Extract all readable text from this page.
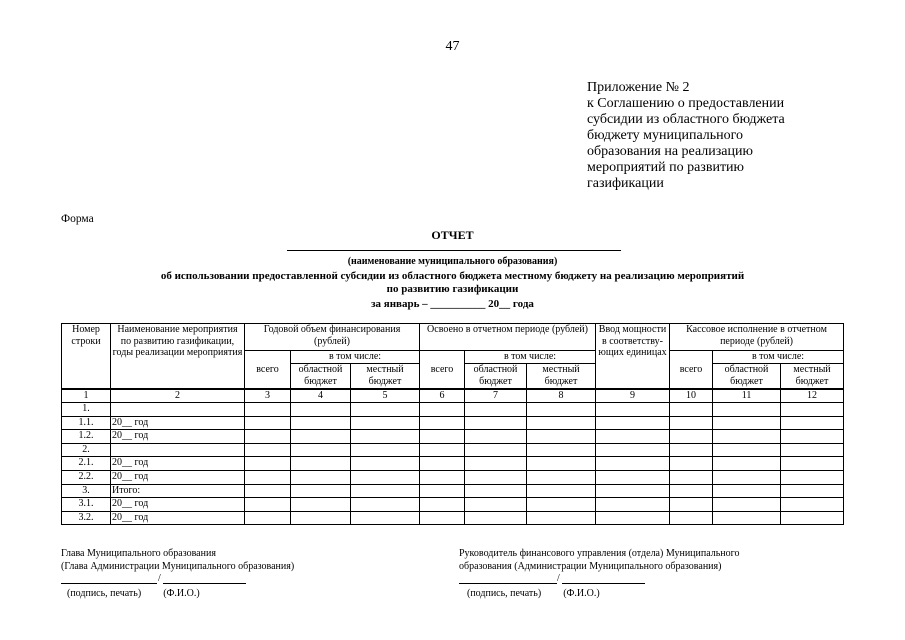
47
Приложение № 2
к Соглашению о предоставлении
субсидии из областного бюджета
бюджету муниципального
образования на реализацию
мероприятий по развитию
газификации
Форма
ОТЧЕТ
(наименование муниципального образования)
об использовании предоставленной субсидии из областного бюджета местному бюджету на реализацию мероприятий
по развитию газификации
за январь – __________ 20__ года
Номер строки	Наименование мероприятия по развитию газификации, годы реализации мероприятия	Годовой объем финансирования (рублей)			Освоено в отчетном периоде (рублей)			Ввод мощности в соответству-ющих единицах	Кассовое исполнение в отчетном периоде (рублей)		
		всего	в том числе:		всего	в том числе:			всего	в том числе:	
			областной бюджет	местный бюджет		областной бюджет	местный бюджет			областной бюджет	местный бюджет
1	2	3	4	5	6	7	8	9	10	11	12
1.											
1.1.	20__ год										
1.2.	20__ год										
2.											
2.1.	20__ год										
2.2.	20__ год										
3.	Итого:										
3.1.	20__ год										
3.2.	20__ год										
Глава Муниципального образования
(Глава Администрации Муниципального образования)
/
(подпись, печать) (Ф.И.О.)
Руководитель финансового управления (отдела) Муниципального
образования (Администрации Муниципального образования)
/
(подпись, печать) (Ф.И.О.)
